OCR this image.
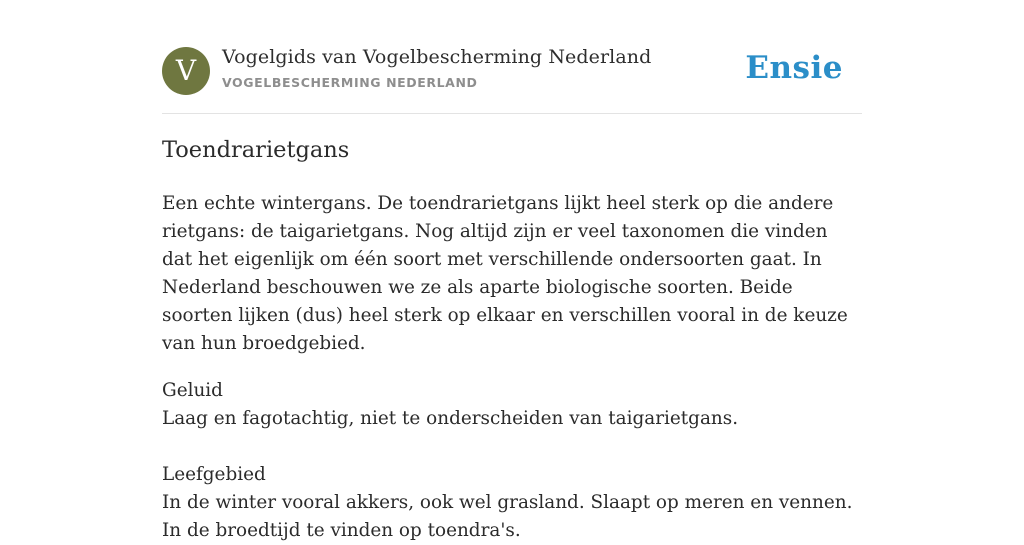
V	Vogelgids van Vogelbescherming Nederland
VOGELBESCHERMING NEDERLAND	Ensie
Toendrarietgans

Een echte wintergans. De toendrarietgans lijkt heel sterk op die andere rietgans: de taigarietgans. Nog altijd zijn er veel taxonomen die vinden dat het eigenlijk om één soort met verschillende ondersoorten gaat. In Nederland beschouwen we ze als aparte biologische soorten. Beide soorten lijken (dus) heel sterk op elkaar en verschillen vooral in de keuze van hun broedgebied.

Geluid

Laag en fagotachtig, niet te onderscheiden van taigarietgans.

Leefgebied

In de winter vooral akkers, ook wel grasland. Slaapt op meren en vennen. In de broedtijd te vinden op toendra's.
